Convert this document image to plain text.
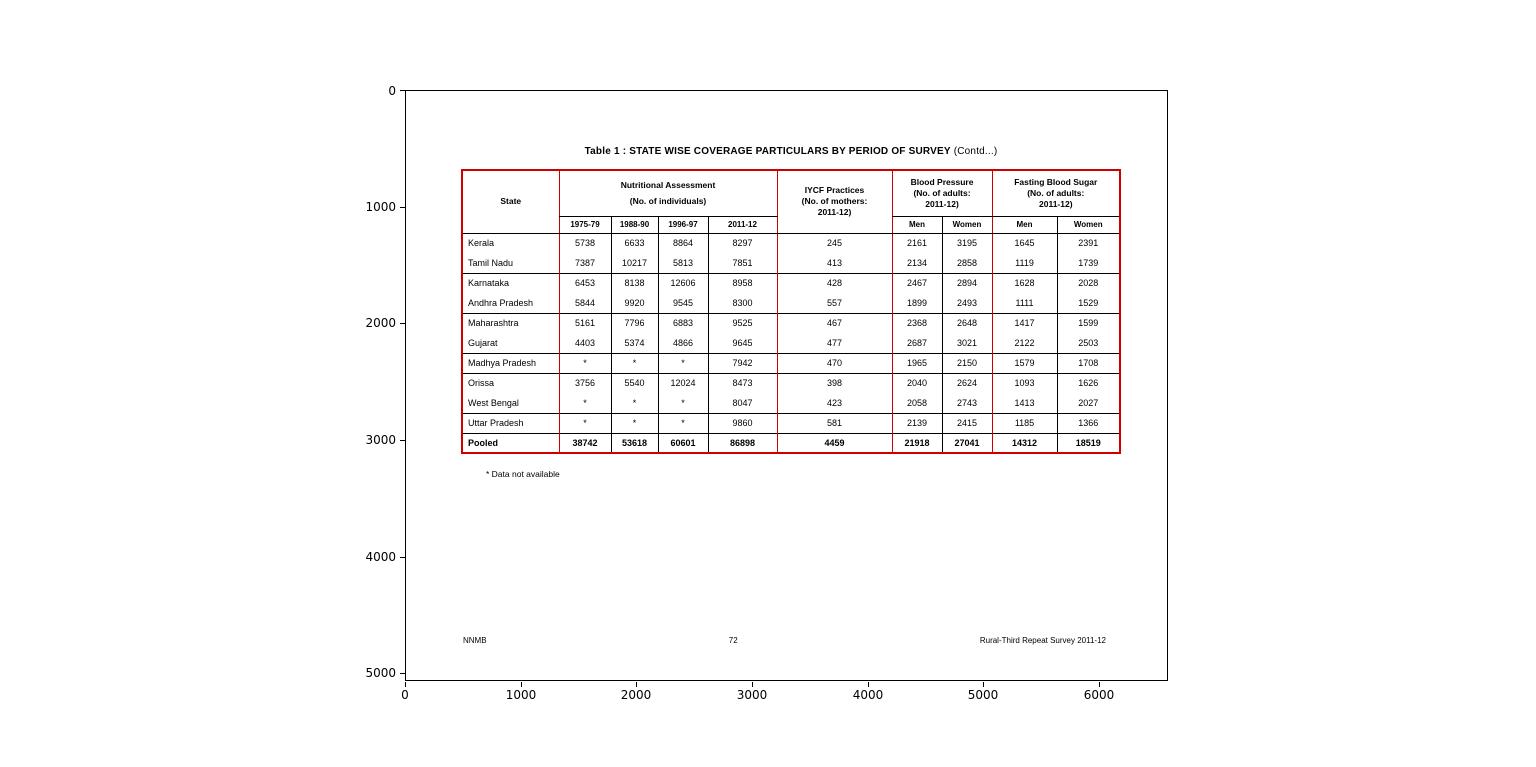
0
1000
2000
3000
4000
5000
0	1000	2000	3000	4000	5000	6000
Table 1 : STATE WISE COVERAGE PARTICULARS BY PERIOD OF SURVEY (Contd...)
State	
Nutritional Assessment
(No. of individuals)

IYCF Practices
(No. of mothers:
2011-12)

Blood Pressure
(No. of adults:
2011-12)

Fasting Blood Sugar
(No. of adults:
2011-12)

	1975-79	1988-90	1996-97	2011-12		Men	Women	Men	Women
Kerala	5738	6633	8864	8297	245	2161	3195	1645	2391
Tamil Nadu	7387	10217	5813	7851	413	2134	2858	1119	1739
Karnataka	6453	8138	12606	8958	428	2467	2894	1628	2028
Andhra Pradesh	5844	9920	9545	8300	557	1899	2493	1111	1529
Maharashtra	5161	7796	6883	9525	467	2368	2648	1417	1599
Gujarat	4403	5374	4866	9645	477	2687	3021	2122	2503
Madhya Pradesh	*	*	*	7942	470	1965	2150	1579	1708
Orissa	3756	5540	12024	8473	398	2040	2624	1093	1626
West Bengal	*	*	*	8047	423	2058	2743	1413	2027
Uttar Pradesh	*	*	*	9860	581	2139	2415	1185	1366
Pooled	38742	53618	60601	86898	4459	21918	27041	14312	18519
* Data not available
NNMB	72	Rural-Third Repeat Survey 2011-12
